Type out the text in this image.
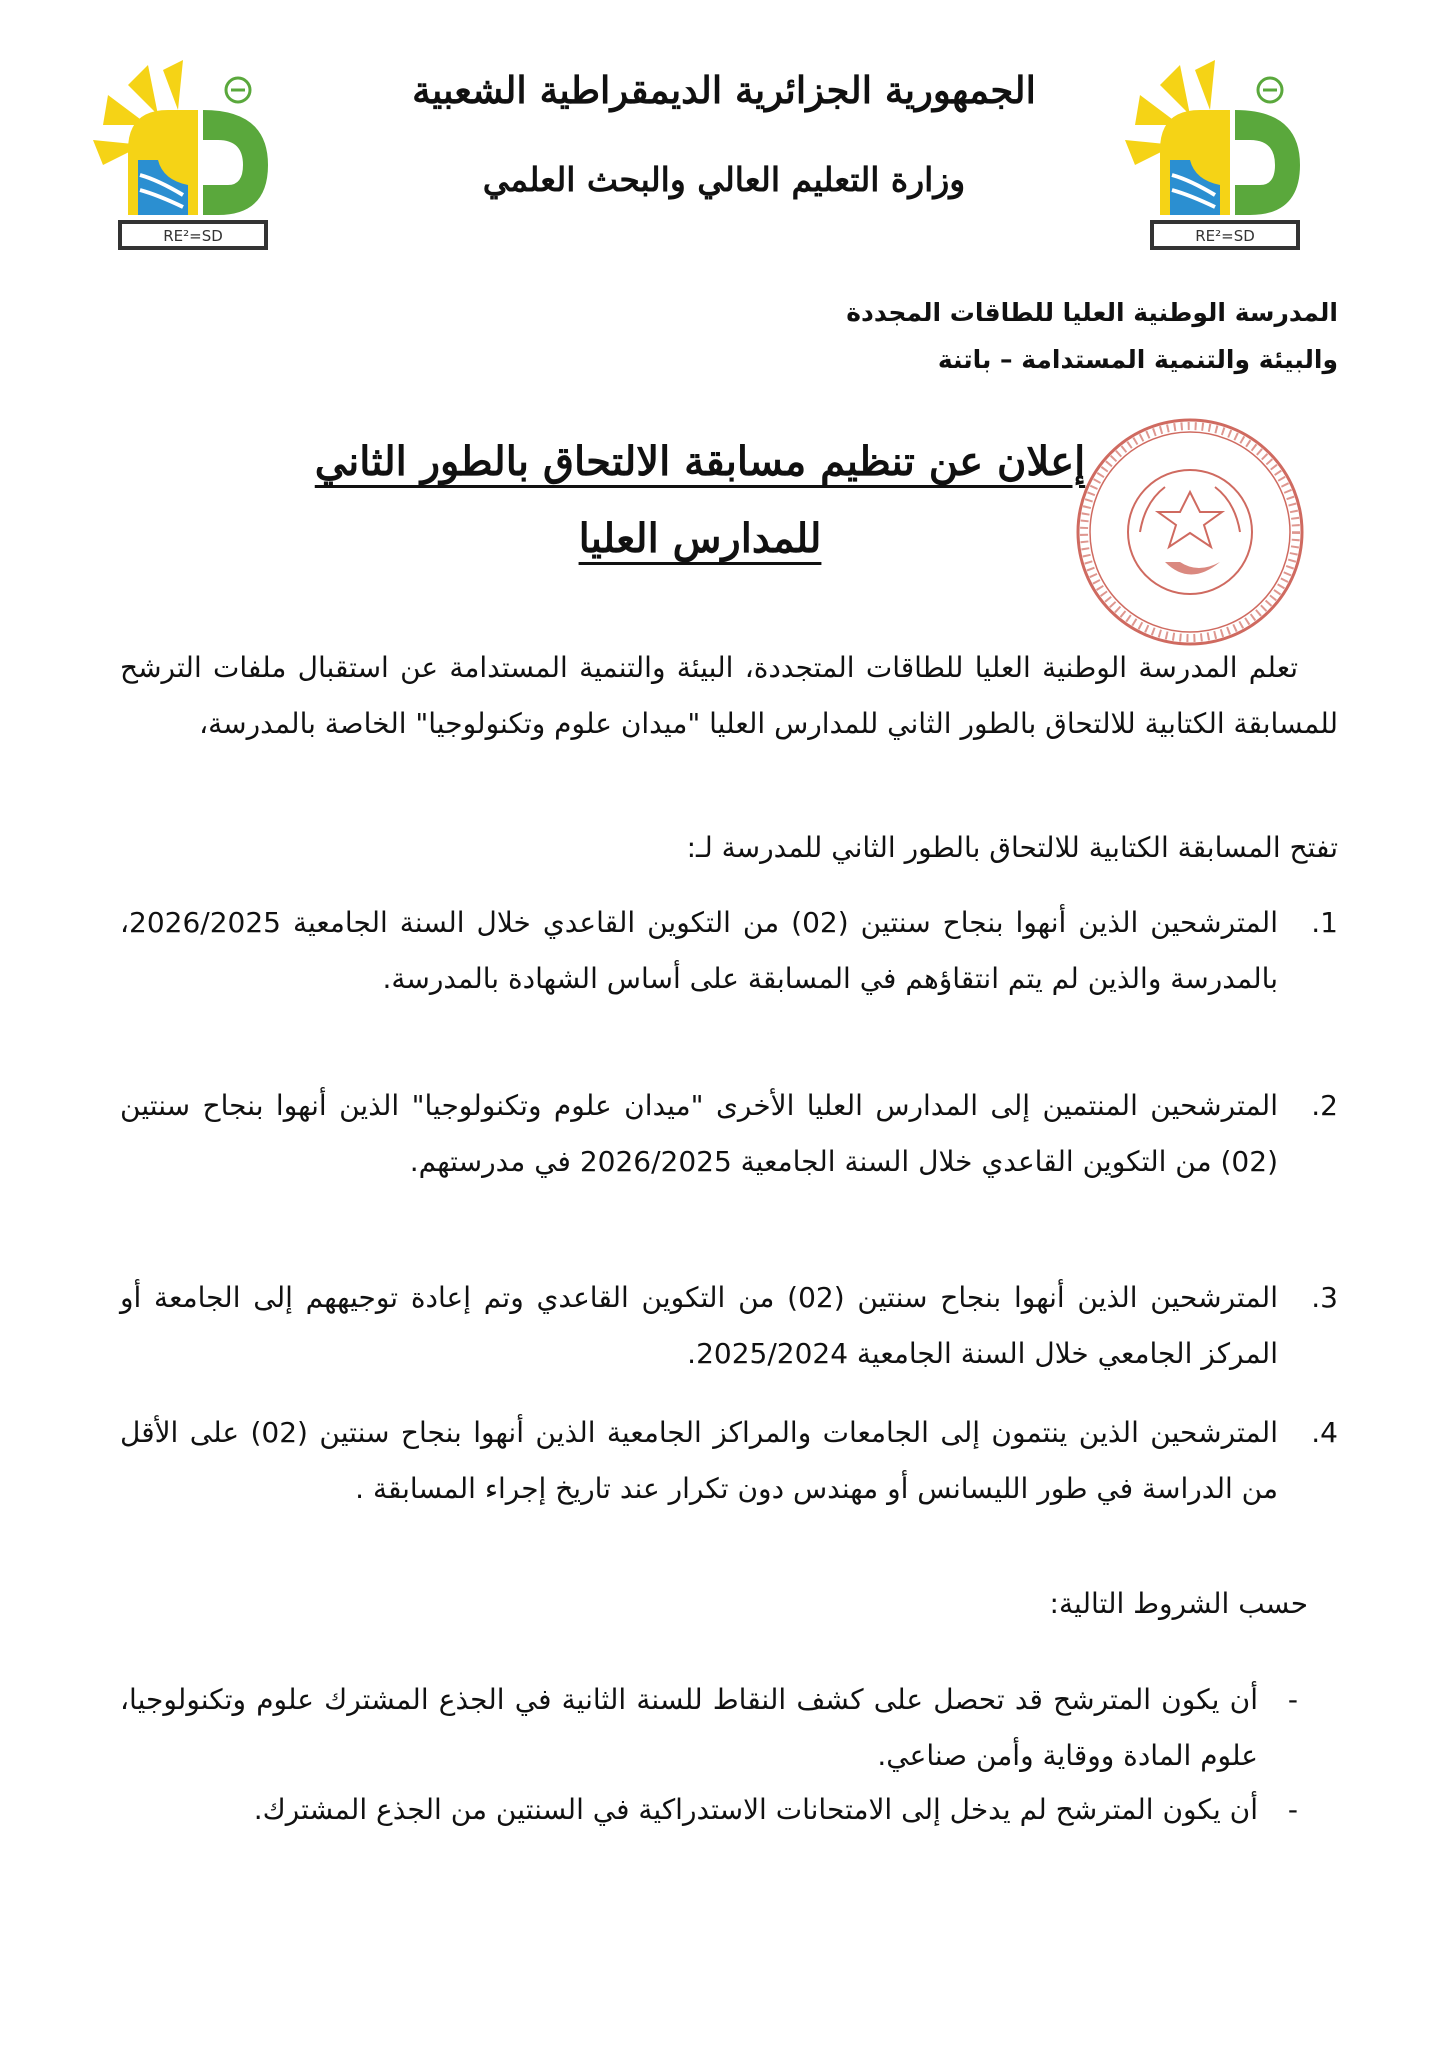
RE²=SD	RE²=SD
الجمهورية الجزائرية الديمقراطية الشعبية
وزارة التعليم العالي والبحث العلمي
المدرسة الوطنية العليا للطاقات المجددة
والبيئة والتنمية المستدامة – باتنة
إعلان عن تنظيم مسابقة الالتحاق بالطور الثاني
للمدارس العليا
تعلم المدرسة الوطنية العليا للطاقات المتجددة، البيئة والتنمية المستدامة عن استقبال ملفات الترشح للمسابقة الكتابية للالتحاق بالطور الثاني للمدارس العليا "ميدان علوم وتكنولوجيا" الخاصة بالمدرسة،
تفتح المسابقة الكتابية للالتحاق بالطور الثاني للمدرسة لـ:
1.
المترشحين الذين أنهوا بنجاح سنتين (02) من التكوين القاعدي خلال السنة الجامعية 2026/2025، بالمدرسة والذين لم يتم انتقاؤهم في المسابقة على أساس الشهادة بالمدرسة.
2.
المترشحين المنتمين إلى المدارس العليا الأخرى "ميدان علوم وتكنولوجيا" الذين أنهوا بنجاح سنتين (02) من التكوين القاعدي خلال السنة الجامعية 2026/2025 في مدرستهم.
3.
المترشحين الذين أنهوا بنجاح سنتين (02) من التكوين القاعدي وتم إعادة توجيههم إلى الجامعة أو المركز الجامعي خلال السنة الجامعية 2025/2024.
4.
المترشحين الذين ينتمون إلى الجامعات والمراكز الجامعية الذين أنهوا بنجاح سنتين (02) على الأقل من الدراسة في طور الليسانس أو مهندس دون تكرار عند تاريخ إجراء المسابقة .
حسب الشروط التالية:
-
أن يكون المترشح قد تحصل على كشف النقاط للسنة الثانية في الجذع المشترك علوم وتكنولوجيا، علوم المادة ووقاية وأمن صناعي.
-
أن يكون المترشح لم يدخل إلى الامتحانات الاستدراكية في السنتين من الجذع المشترك.
